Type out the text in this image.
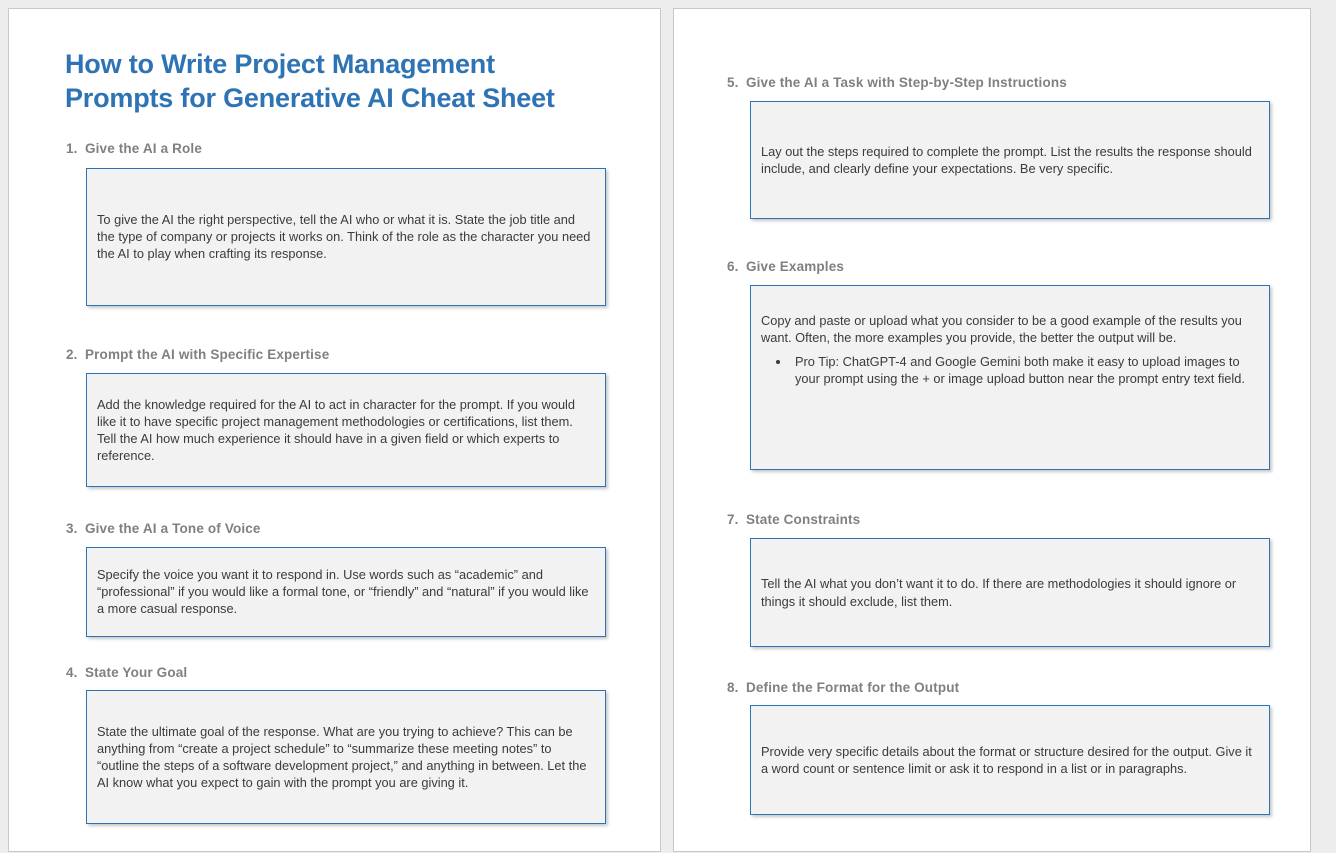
How to Write Project Management Prompts for Generative AI Cheat Sheet
1. Give the AI a Role

To give the AI the right perspective, tell the AI who or what it is. State the job title and the type of company or projects it works on. Think of the role as the character you need the AI to play when crafting its response.

2. Prompt the AI with Specific Expertise

Add the knowledge required for the AI to act in character for the prompt. If you would like it to have specific project management methodologies or certifications, list them. Tell the AI how much experience it should have in a given field or which experts to reference.

3. Give the AI a Tone of Voice

Specify the voice you want it to respond in. Use words such as “academic” and “professional” if you would like a formal tone, or “friendly” and “natural” if you would like a more casual response.

4. State Your Goal

State the ultimate goal of the response. What are you trying to achieve? This can be anything from “create a project schedule” to “summarize these meeting notes” to “outline the steps of a software development project,” and anything in between. Let the AI know what you expect to gain with the prompt you are giving it.

5. Give the AI a Task with Step-by-Step Instructions

Lay out the steps required to complete the prompt. List the results the response should include, and clearly define your expectations. Be very specific.

6. Give Examples

Copy and paste or upload what you consider to be a good example of the results you want. Often, the more examples you provide, the better the output will be.

• Pro Tip: ChatGPT-4 and Google Gemini both make it easy to upload images to your prompt using the + or image upload button near the prompt entry text field.
7. State Constraints

Tell the AI what you don’t want it to do. If there are methodologies it should ignore or things it should exclude, list them.

8. Define the Format for the Output

Provide very specific details about the format or structure desired for the output. Give it a word count or sentence limit or ask it to respond in a list or in paragraphs.
